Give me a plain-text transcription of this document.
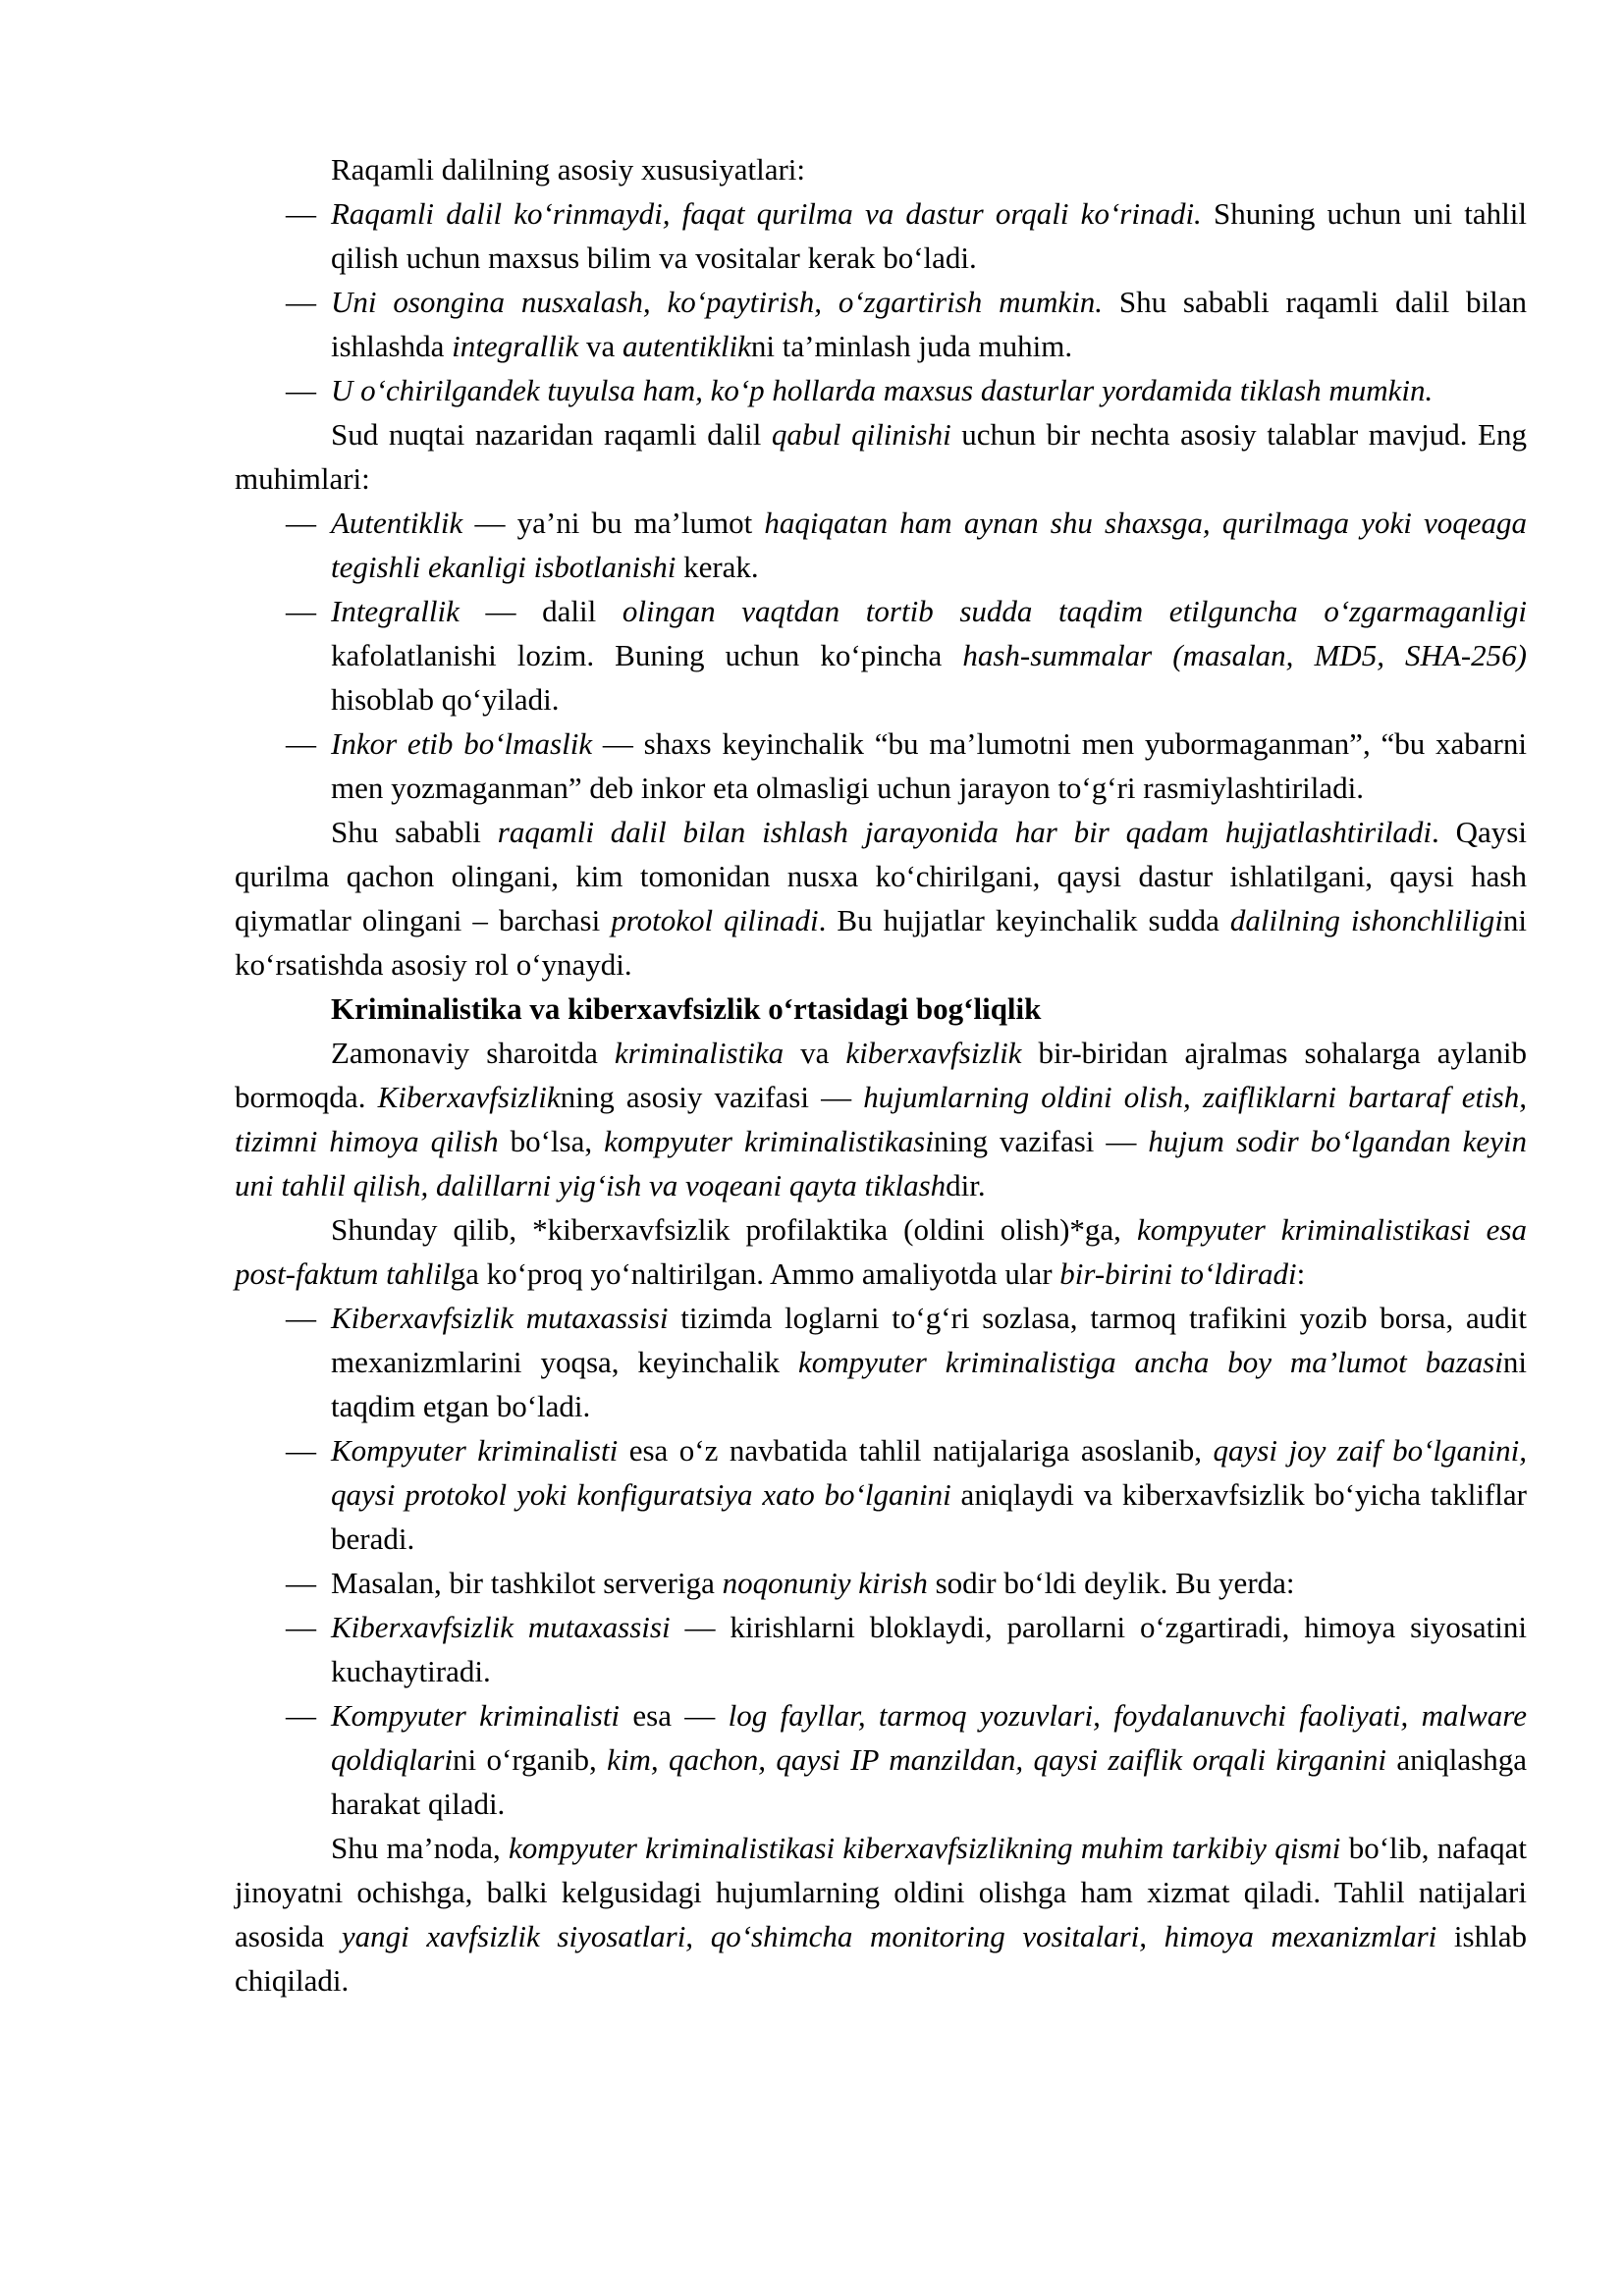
Raqamli dalilning asosiy xususiyatlari:

— Raqamli dalil ko‘rinmaydi, faqat qurilma va dastur orqali ko‘rinadi. Shuning uchun uni tahlil qilish uchun maxsus bilim va vositalar kerak bo‘ladi.

— Uni osongina nusxalash, ko‘paytirish, o‘zgartirish mumkin. Shu sababli raqamli dalil bilan ishlashda integrallik va autentiklikni ta’minlash juda muhim.

— U o‘chirilgandek tuyulsa ham, ko‘p hollarda maxsus dasturlar yordamida tiklash mumkin.

Sud nuqtai nazaridan raqamli dalil qabul qilinishi uchun bir nechta asosiy talablar mavjud. Eng muhimlari:

— Autentiklik — ya’ni bu ma’lumot haqiqatan ham aynan shu shaxsga, qurilmaga yoki voqeaga tegishli ekanligi isbotlanishi kerak.

— Integrallik — dalil olingan vaqtdan tortib sudda taqdim etilguncha o‘zgarmaganligi kafolatlanishi lozim. Buning uchun ko‘pincha hash-summalar (masalan, MD5, SHA-256) hisoblab qo‘yiladi.

— Inkor etib bo‘lmaslik — shaxs keyinchalik “bu ma’lumotni men yubormaganman”, “bu xabarni men yozmaganman” deb inkor eta olmasligi uchun jarayon to‘g‘ri rasmiylashtiriladi.

Shu sababli raqamli dalil bilan ishlash jarayonida har bir qadam hujjatlashtiriladi. Qaysi qurilma qachon olingani, kim tomonidan nusxa ko‘chirilgani, qaysi dastur ishlatilgani, qaysi hash qiymatlar olingani – barchasi protokol qilinadi. Bu hujjatlar keyinchalik sudda dalilning ishonchliligini ko‘rsatishda asosiy rol o‘ynaydi.

Kriminalistika va kiberxavfsizlik o‘rtasidagi bog‘liqlik

Zamonaviy sharoitda kriminalistika va kiberxavfsizlik bir-biridan ajralmas sohalarga aylanib bormoqda. Kiberxavfsizlikning asosiy vazifasi — hujumlarning oldini olish, zaifliklarni bartaraf etish, tizimni himoya qilish bo‘lsa, kompyuter kriminalistikasining vazifasi — hujum sodir bo‘lgandan keyin uni tahlil qilish, dalillarni yig‘ish va voqeani qayta tiklashdir.

Shunday qilib, *kiberxavfsizlik profilaktika (oldini olish)*ga, kompyuter kriminalistikasi esa post-faktum tahlilga ko‘proq yo‘naltirilgan. Ammo amaliyotda ular bir-birini to‘ldiradi:

— Kiberxavfsizlik mutaxassisi tizimda loglarni to‘g‘ri sozlasa, tarmoq trafikini yozib borsa, audit mexanizmlarini yoqsa, keyinchalik kompyuter kriminalistiga ancha boy ma’lumot bazasini taqdim etgan bo‘ladi.

— Kompyuter kriminalisti esa o‘z navbatida tahlil natijalariga asoslanib, qaysi joy zaif bo‘lganini, qaysi protokol yoki konfiguratsiya xato bo‘lganini aniqlaydi va kiberxavfsizlik bo‘yicha takliflar beradi.

— Masalan, bir tashkilot serveriga noqonuniy kirish sodir bo‘ldi deylik. Bu yerda:

— Kiberxavfsizlik mutaxassisi — kirishlarni bloklaydi, parollarni o‘zgartiradi, himoya siyosatini kuchaytiradi.

— Kompyuter kriminalisti esa — log fayllar, tarmoq yozuvlari, foydalanuvchi faoliyati, malware qoldiqlarini o‘rganib, kim, qachon, qaysi IP manzildan, qaysi zaiflik orqali kirganini aniqlashga harakat qiladi.

Shu ma’noda, kompyuter kriminalistikasi kiberxavfsizlikning muhim tarkibiy qismi bo‘lib, nafaqat jinoyatni ochishga, balki kelgusidagi hujumlarning oldini olishga ham xizmat qiladi. Tahlil natijalari asosida yangi xavfsizlik siyosatlari, qo‘shimcha monitoring vositalari, himoya mexanizmlari ishlab chiqiladi.
